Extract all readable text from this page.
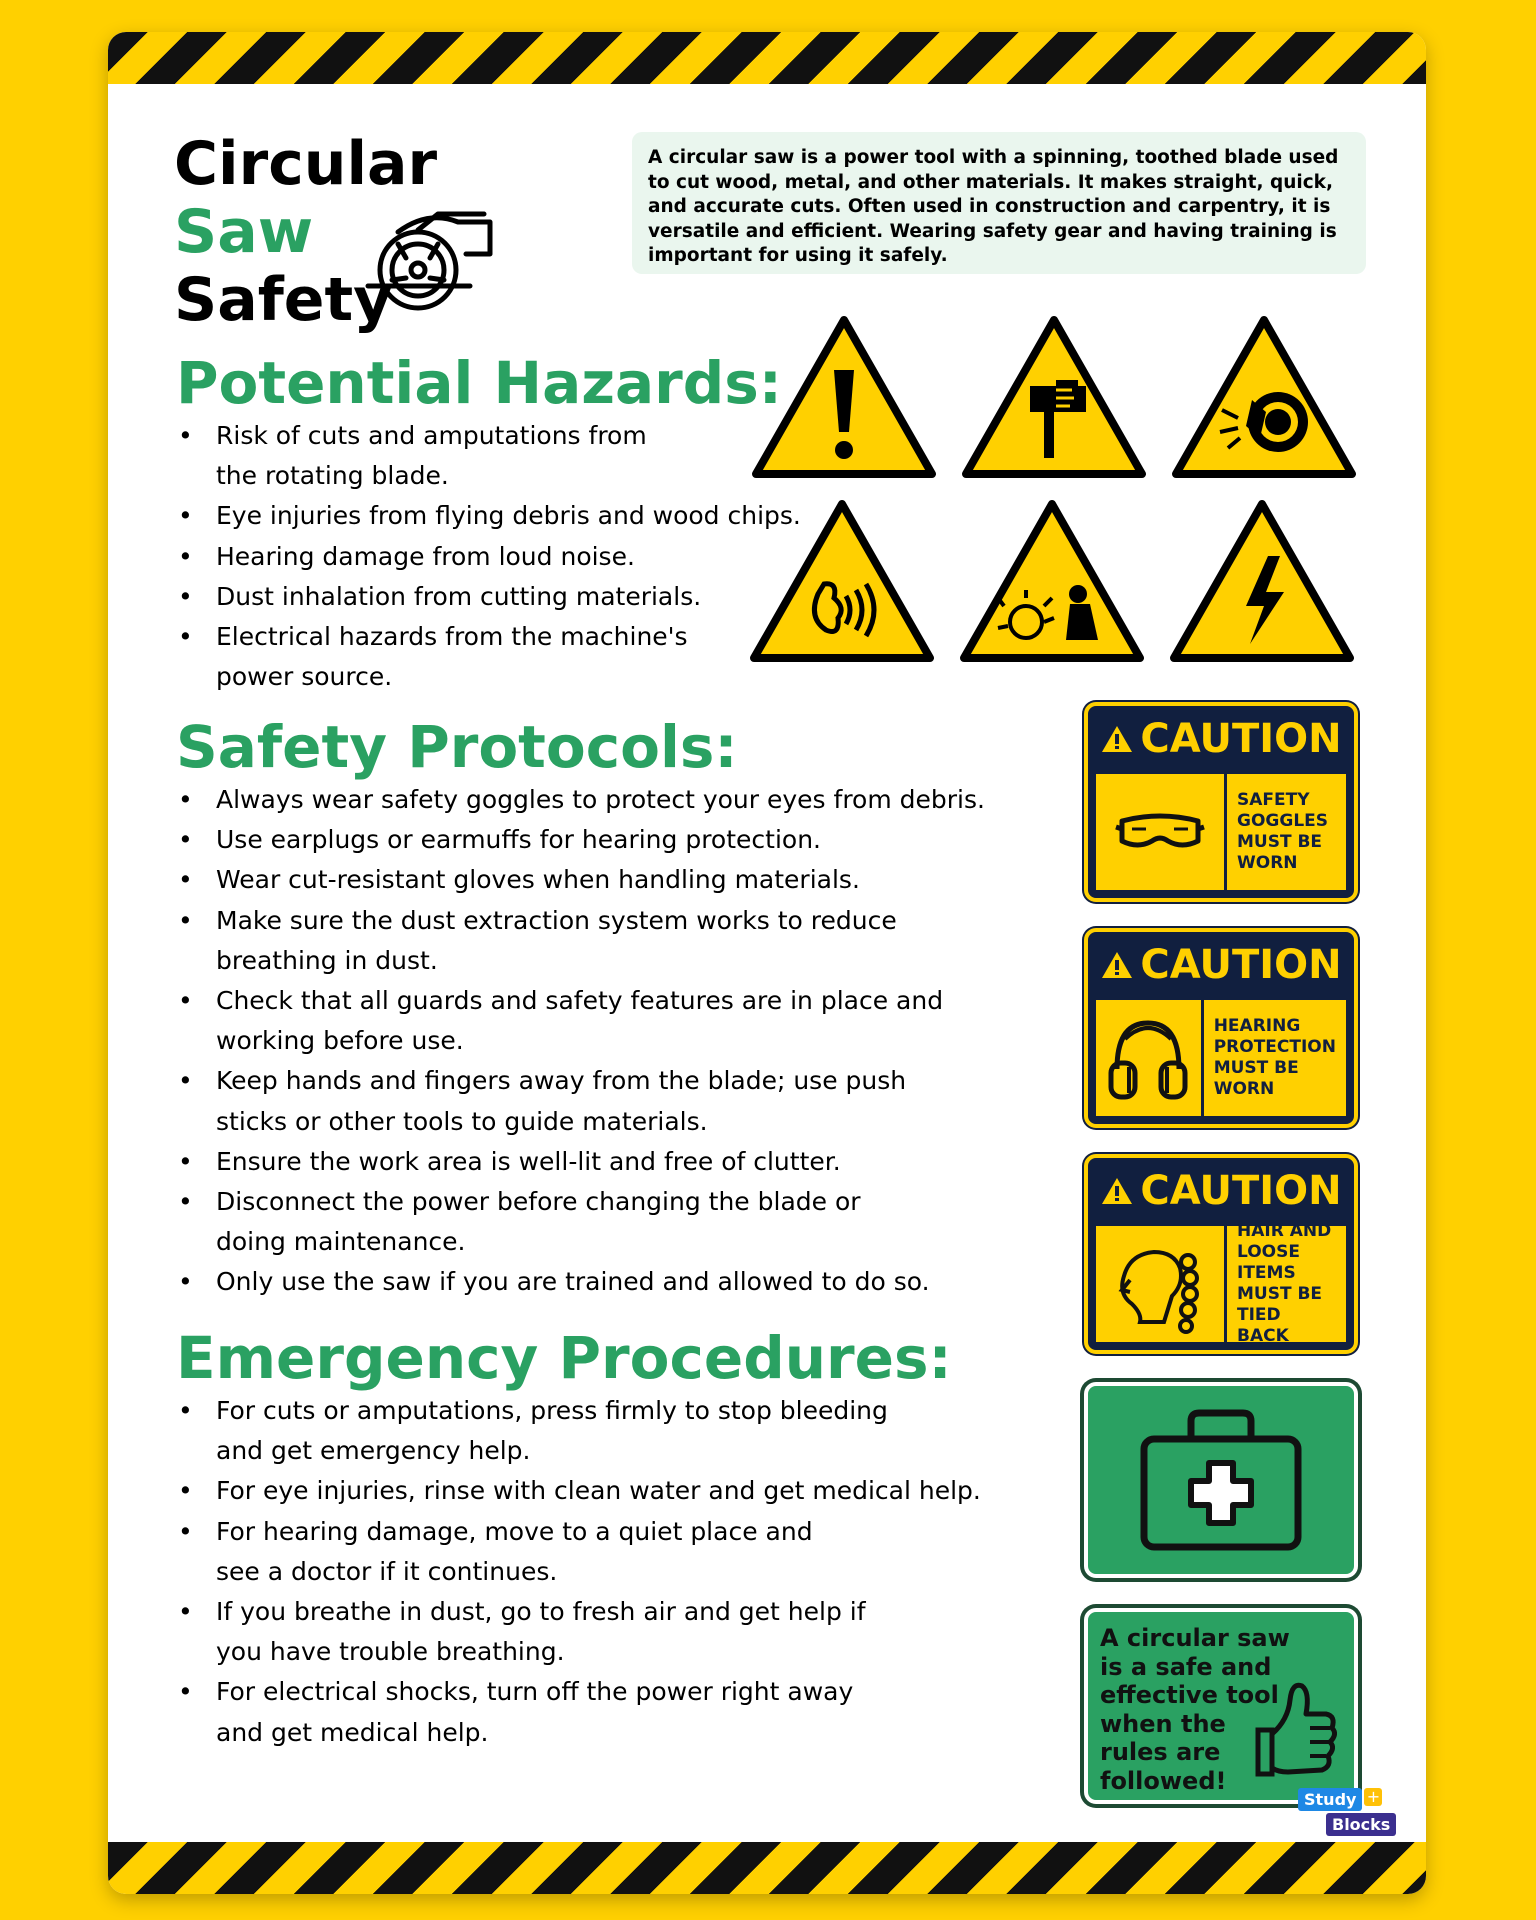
Circular
Saw
Safety
A circular saw is a power tool with a spinning, toothed blade used to cut wood, metal, and other materials. It makes straight, quick, and accurate cuts. Often used in construction and carpentry, it is versatile and efficient. Wearing safety gear and having training is important for using it safely.
Potential Hazards:
• Risk of cuts and amputations from
the rotating blade.
• Eye injuries from flying debris and wood chips.
• Hearing damage from loud noise.
• Dust inhalation from cutting materials.
• Electrical hazards from the machine's
power source.
Safety Protocols:
• Always wear safety goggles to protect your eyes from debris.
• Use earplugs or earmuffs for hearing protection.
• Wear cut-resistant gloves when handling materials.
• Make sure the dust extraction system works to reduce
breathing in dust.
• Check that all guards and safety features are in place and
working before use.
• Keep hands and fingers away from the blade; use push
sticks or other tools to guide materials.
• Ensure the work area is well-lit and free of clutter.
• Disconnect the power before changing the blade or
doing maintenance.
• Only use the saw if you are trained and allowed to do so.
CAUTION
SAFETY
GOGGLES
MUST BE
WORN
CAUTION
HEARING
PROTECTION
MUST BE
WORN
CAUTION
HAIR AND
LOOSE ITEMS
MUST BE
TIED BACK
A circular saw
is a safe and
effective tool
when the
rules are
followed!
Emergency Procedures:
• For cuts or amputations, press firmly to stop bleeding
and get emergency help.
• For eye injuries, rinse with clean water and get medical help.
• For hearing damage, move to a quiet place and
see a doctor if it continues.
• If you breathe in dust, go to fresh air and get help if
you have trouble breathing.
• For electrical shocks, turn off the power right away
and get medical help.
Study +
Blocks
